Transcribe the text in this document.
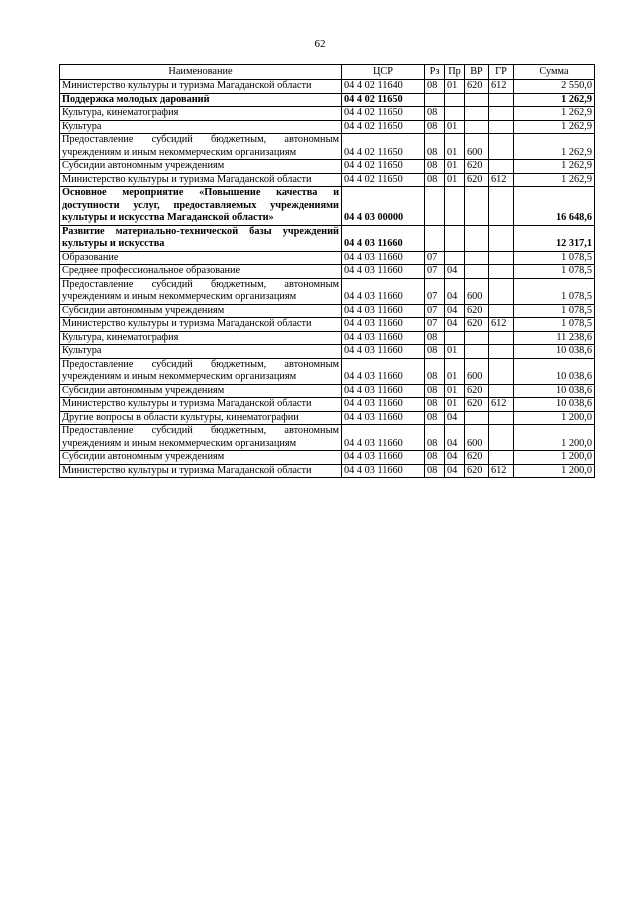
62
Наименование	ЦСР	Рз	Пр	ВР	ГР	Сумма
Министерство культуры и туризма Магаданской области	04 4 02 11640	08	01	620	612	2 550,0
Поддержка молодых дарований	04 4 02 11650					1 262,9
Культура, кинематография	04 4 02 11650	08				1 262,9
Культура	04 4 02 11650	08	01			1 262,9
Предоставление субсидий бюджетным, автономным учреждениям и иным некоммерческим организациям	04 4 02 11650	08	01	600		1 262,9
Субсидии автономным учреждениям	04 4 02 11650	08	01	620		1 262,9
Министерство культуры и туризма Магаданской области	04 4 02 11650	08	01	620	612	1 262,9
Основное мероприятие «Повышение качества и доступности услуг, предоставляемых учреждениями культуры и искусства Магаданской области»	04 4 03 00000					16 648,6
Развитие материально-технической базы учреждений культуры и искусства	04 4 03 11660					12 317,1
Образование	04 4 03 11660	07				1 078,5
Среднее профессиональное образование	04 4 03 11660	07	04			1 078,5
Предоставление субсидий бюджетным, автономным учреждениям и иным некоммерческим организациям	04 4 03 11660	07	04	600		1 078,5
Субсидии автономным учреждениям	04 4 03 11660	07	04	620		1 078,5
Министерство культуры и туризма Магаданской области	04 4 03 11660	07	04	620	612	1 078,5
Культура, кинематография	04 4 03 11660	08				11 238,6
Культура	04 4 03 11660	08	01			10 038,6
Предоставление субсидий бюджетным, автономным учреждениям и иным некоммерческим организациям	04 4 03 11660	08	01	600		10 038,6
Субсидии автономным учреждениям	04 4 03 11660	08	01	620		10 038,6
Министерство культуры и туризма Магаданской области	04 4 03 11660	08	01	620	612	10 038,6
Другие вопросы в области культуры, кинематографии	04 4 03 11660	08	04			1 200,0
Предоставление субсидий бюджетным, автономным учреждениям и иным некоммерческим организациям	04 4 03 11660	08	04	600		1 200,0
Субсидии автономным учреждениям	04 4 03 11660	08	04	620		1 200,0
Министерство культуры и туризма Магаданской области	04 4 03 11660	08	04	620	612	1 200,0
